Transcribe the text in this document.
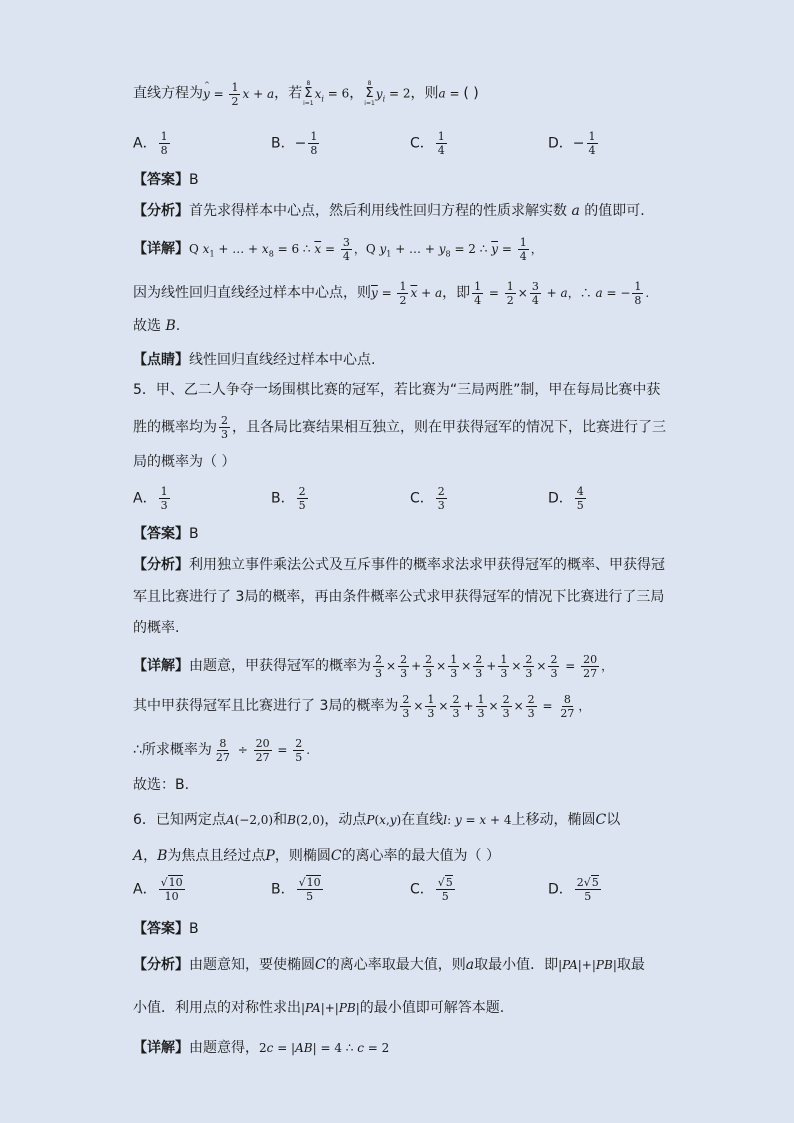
直线方程为
^
$y = \frac{1}{2}$ x + a，若
8
Σ
i=1
$x_i = 6$，
8
Σ
i=1
$y_i = 2$，则a = ( )
A． $\frac{1}{8}$	B．− $\frac{1}{8}$	C． $\frac{1}{4}$	D．− $\frac{1}{4}$
【答案】B
【分析】首先求得样本中心点，然后利用线性回归方程的性质求解实数 a 的值即可.
【详解】Q $x_1$ + … + $x_8 = 6$ ∴ $\overline{x} = \frac{3}{4}$ ，Q $y_1$ + … + $y_8 = 2$ ∴ $\overline{y} = \frac{1}{4}$ ，
因为线性回归直线经过样本中心点，则$\overline{y} = \frac{1}{2} \overline{x} + a$，即 $\frac{1}{4} = \frac{1}{2} \times \frac{3}{4} + a$，∴ a = − $\frac{1}{8}$ .
故选 B.
【点睛】线性回归直线经过样本中心点.
5．甲、乙二人争夺一场围棋比赛的冠军，若比赛为“三局两胜”制，甲在每局比赛中获
胜的概率均为 $\frac{2}{3}$ ，且各局比赛结果相互独立，则在甲获得冠军的情况下，比赛进行了三
局的概率为（ ）
A． $\frac{1}{3}$	B． $\frac{2}{5}$	C． $\frac{2}{3}$	D． $\frac{4}{5}$
【答案】B
【分析】利用独立事件乘法公式及互斥事件的概率求法求甲获得冠军的概率、甲获得冠
军且比赛进行了 3局的概率，再由条件概率公式求甲获得冠军的情况下比赛进行了三局
的概率.
【详解】由题意，甲获得冠军的概率为 $\frac{2}{3} \times \frac{2}{3} + \frac{2}{3} \times \frac{1}{3} \times \frac{2}{3} + \frac{1}{3} \times \frac{2}{3} \times \frac{2}{3} = \frac{20}{27}$ ，
其中甲获得冠军且比赛进行了 3局的概率为 $\frac{2}{3} \times \frac{1}{3} \times \frac{2}{3} + \frac{1}{3} \times \frac{2}{3} \times \frac{2}{3} = \frac{8}{27}$ ，
∴所求概率为 $\frac{8}{27} \div \frac{20}{27} = \frac{2}{5}$ .
故选：B.
6．已知两定点A(−2,0)和B(2,0)，动点P(x,y)在直线l: y = x + 4上移动，椭圆C以
A，B为焦点且经过点P，则椭圆C的离心率的最大值为（ ）
A． $\frac{√10}{10}$	B． $\frac{√10}{5}$	C． $\frac{√5}{5}$	D． $\frac{2√5}{5}$
【答案】B
【分析】由题意知，要使椭圆C的离心率取最大值，则a取最小值．即|PA|+|PB|取最
小值．利用点的对称性求出|PA|+|PB|的最小值即可解答本题.
【详解】由题意得，2c = |AB| = 4 ∴ c = 2
